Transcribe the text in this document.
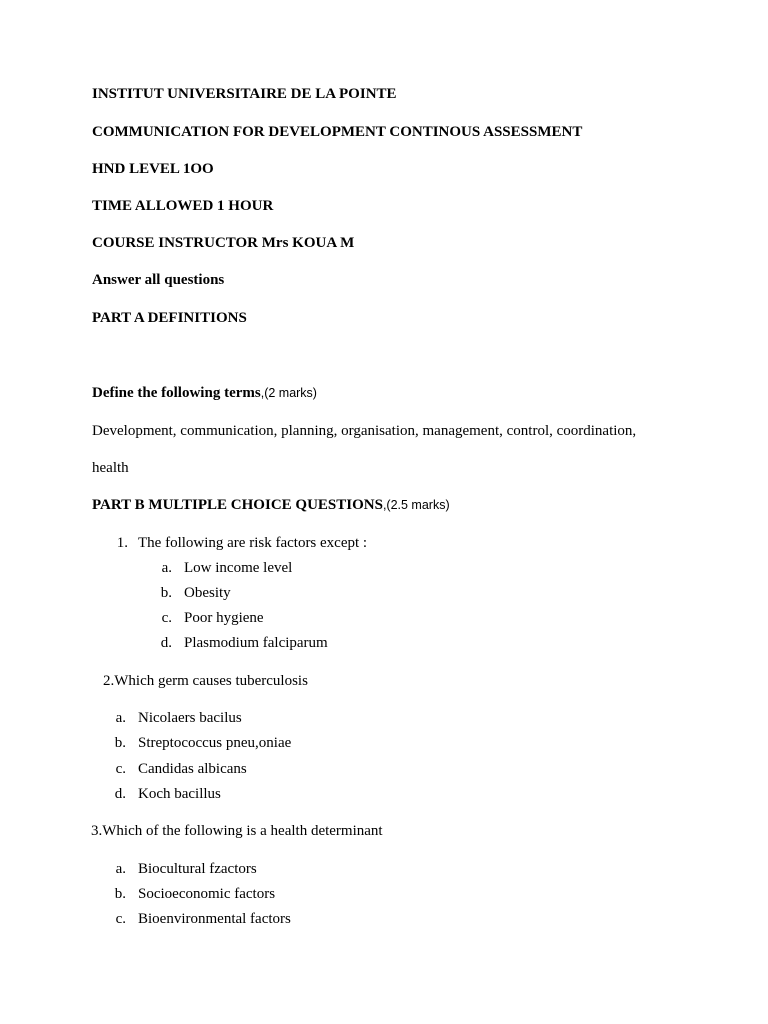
INSTITUT UNIVERSITAIRE DE LA POINTE
COMMUNICATION FOR DEVELOPMENT CONTINOUS ASSESSMENT
HND LEVEL 1OO
TIME ALLOWED 1 HOUR
COURSE INSTRUCTOR Mrs KOUA M
Answer all questions
PART A DEFINITIONS
Define the following terms,(2 marks)
Development, communication, planning, organisation, management, control, coordination,
health
PART B MULTIPLE CHOICE QUESTIONS,(2.5 marks)
1. The following are risk factors except :
a. Low income level
b. Obesity
c. Poor hygiene
d. Plasmodium falciparum
2.Which germ causes tuberculosis
a. Nicolaers bacilus
b. Streptococcus pneu,oniae
c. Candidas albicans
d. Koch bacillus
3.Which of the following is a health determinant
a. Biocultural fzactors
b. Socioeconomic factors
c. Bioenvironmental factors
